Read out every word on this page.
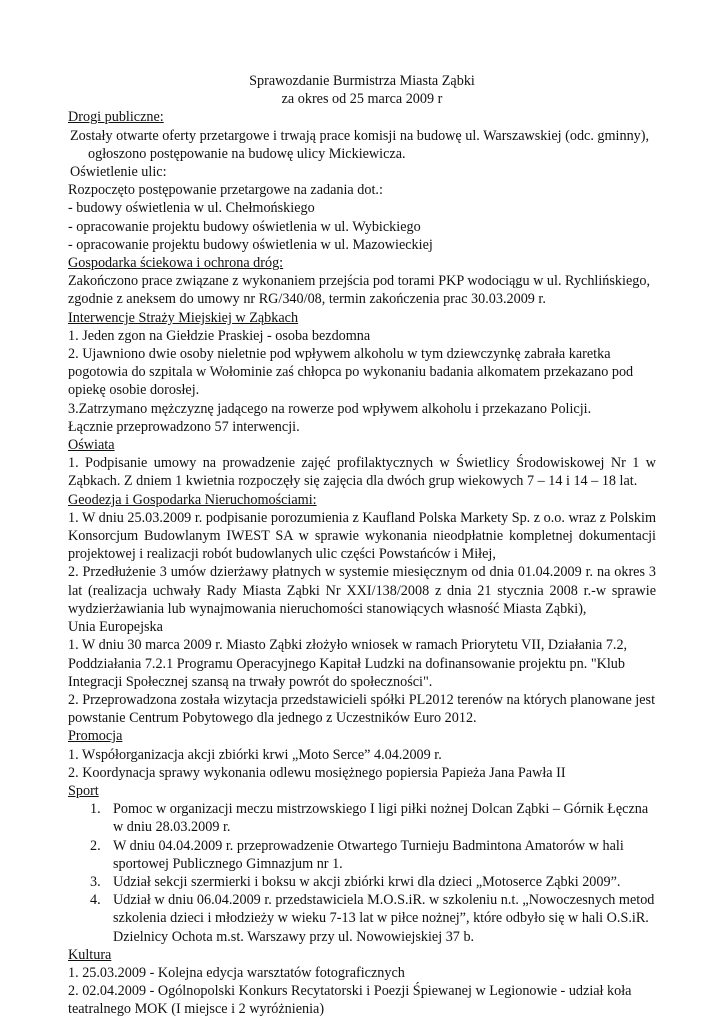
Sprawozdanie Burmistrza Miasta Ząbki

za okres od 25 marca 2009 r

Drogi publiczne:

Zostały otwarte oferty przetargowe i trwają prace komisji na budowę ul. Warszawskiej (odc. gminny), ogłoszono postępowanie na budowę ulicy Mickiewicza.

Oświetlenie ulic:

Rozpoczęto postępowanie przetargowe na zadania dot.:

- budowy oświetlenia w ul. Chełmońskiego

- opracowanie projektu budowy oświetlenia w ul. Wybickiego

- opracowanie projektu budowy oświetlenia w ul. Mazowieckiej

Gospodarka ściekowa i ochrona dróg:

Zakończono prace związane z wykonaniem przejścia pod torami PKP wodociągu w ul. Rychlińskiego, zgodnie z aneksem do umowy nr RG/340/08, termin zakończenia prac 30.03.2009 r.

Interwencje Straży Miejskiej w Ząbkach

1. Jeden zgon na Giełdzie Praskiej - osoba bezdomna

2. Ujawniono dwie osoby nieletnie pod wpływem alkoholu w tym dziewczynkę zabrała karetka pogotowia do szpitala w Wołominie zaś chłopca po wykonaniu badania alkomatem przekazano pod opiekę osobie dorosłej.

3.Zatrzymano mężczyznę jadącego na rowerze pod wpływem alkoholu i przekazano Policji.

Łącznie przeprowadzono 57 interwencji.

Oświata

1. Podpisanie umowy na prowadzenie zajęć profilaktycznych w Świetlicy Środowiskowej Nr 1 w Ząbkach. Z dniem 1 kwietnia rozpoczęły się zajęcia dla dwóch grup wiekowych 7 – 14 i 14 – 18 lat.

Geodezja i Gospodarka Nieruchomościami:

1. W dniu 25.03.2009 r. podpisanie porozumienia z Kaufland Polska Markety Sp. z o.o. wraz z Polskim Konsorcjum Budowlanym IWEST SA w sprawie wykonania nieodpłatnie kompletnej dokumentacji projektowej i realizacji robót budowlanych ulic części Powstańców i Miłej,

2. Przedłużenie 3 umów dzierżawy płatnych w systemie miesięcznym od dnia 01.04.2009 r. na okres 3 lat (realizacja uchwały Rady Miasta Ząbki Nr XXI/138/2008 z dnia 21 stycznia 2008 r.-w sprawie wydzierżawiania lub wynajmowania nieruchomości stanowiących własność Miasta Ząbki),

Unia Europejska

1. W dniu 30 marca 2009 r. Miasto Ząbki złożyło wniosek w ramach Priorytetu VII, Działania 7.2, Poddziałania 7.2.1 Programu Operacyjnego Kapitał Ludzki na dofinansowanie projektu pn. "Klub Integracji Społecznej szansą na trwały powrót do społeczności".

2. Przeprowadzona została wizytacja przedstawicieli spółki PL2012 terenów na których planowane jest powstanie Centrum Pobytowego dla jednego z Uczestników Euro 2012.

Promocja

1. Współorganizacja akcji zbiórki krwi „Moto Serce” 4.04.2009 r.

2. Koordynacja sprawy wykonania odlewu mosiężnego popiersia Papieża Jana Pawła II

Sport

1. Pomoc w organizacji meczu mistrzowskiego I ligi piłki nożnej Dolcan Ząbki – Górnik Łęczna w dniu 28.03.2009 r.
2. W dniu 04.04.2009 r. przeprowadzenie Otwartego Turnieju Badmintona Amatorów w hali sportowej Publicznego Gimnazjum nr 1.
3. Udział sekcji szermierki i boksu w akcji zbiórki krwi dla dzieci „Motoserce Ząbki 2009”.
4. Udział w dniu 06.04.2009 r. przedstawiciela M.O.S.iR. w szkoleniu n.t. „Nowoczesnych metod szkolenia dzieci i młodzieży w wieku 7-13 lat w piłce nożnej”, które odbyło się w hali O.S.iR. Dzielnicy Ochota m.st. Warszawy przy ul. Nowowiejskiej 37 b.

Kultura

1. 25.03.2009 - Kolejna edycja warsztatów fotograficznych

2. 02.04.2009 - Ogólnopolski Konkurs Recytatorski i Poezji Śpiewanej w Legionowie - udział koła teatralnego MOK (I miejsce i 2 wyróżnienia)
